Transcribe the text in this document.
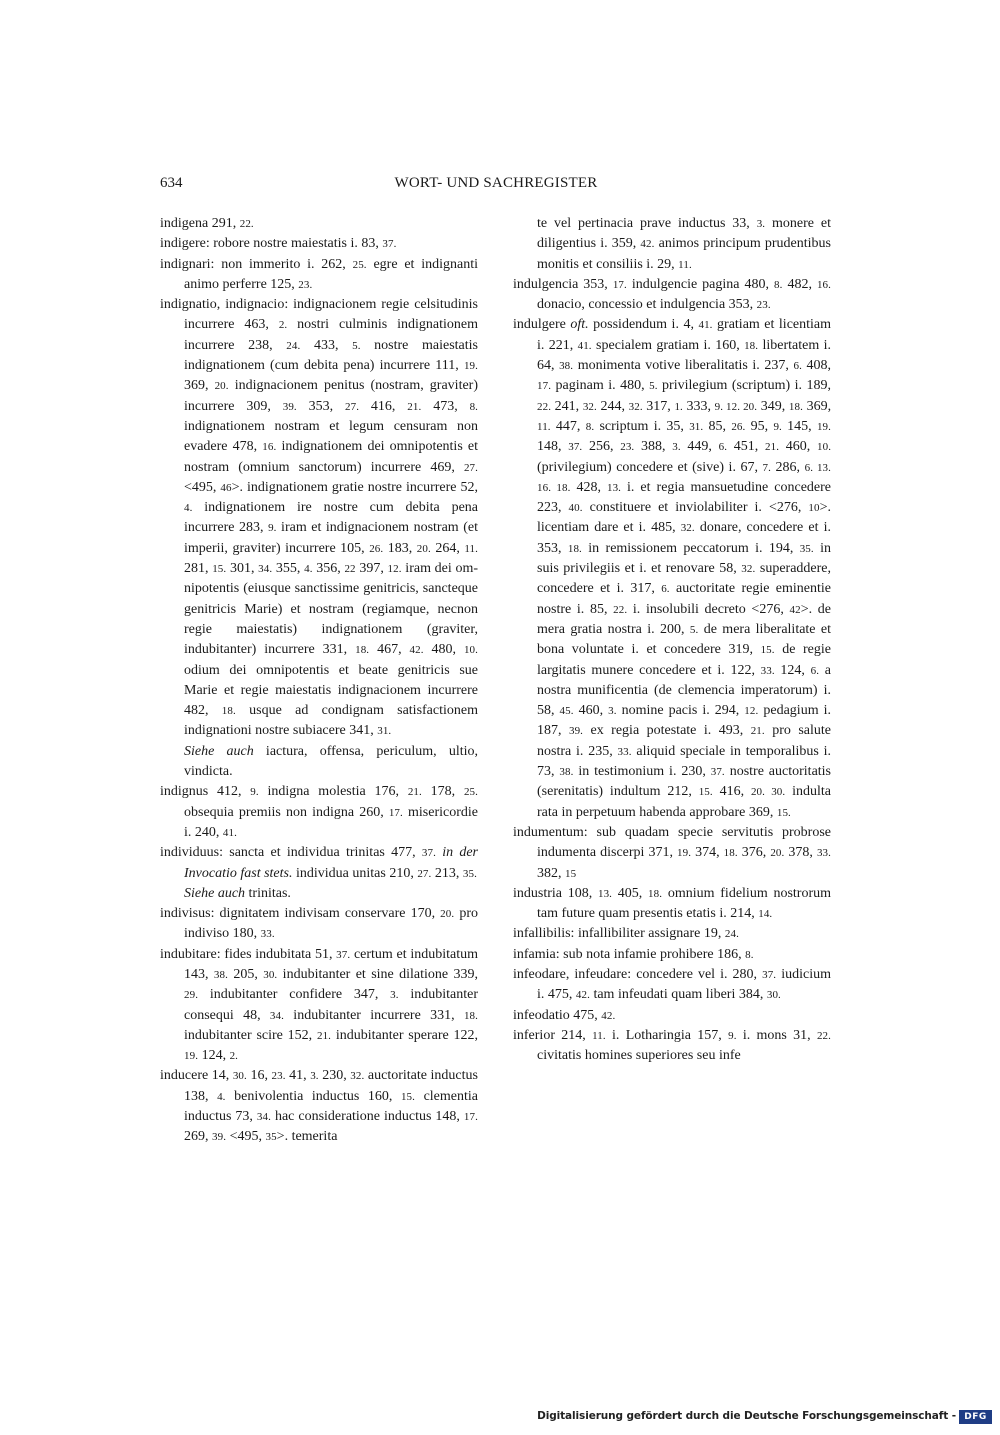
634	WORT- UND SACHREGISTER
indigena 291, 22.
indigere: robore nostre maiestatis i. 83, 37.
indignari: non immerito i. 262, 25. egre et indignanti animo perferre 125, 23.
indignatio, indignacio: indignacionem regie celsitudinis incurrere 463, 2. nostri culminis indignationem incurrere 238, 24. 433, 5. nostre maiestatis indignationem (cum debita pena) incurrere 111, 19. 369, 20. indignacionem penitus (nostram, graviter) incurrere 309, 39. 353, 27. 416, 21. 473, 8. indignationem nostram et legum censuram non evadere 478, 16. indignationem dei omnipotentis et nostram (omnium sanctorum) incurrere 469, 27. <495, 46>. indignationem gratie nostre incurrere 52, 4. indignationem ire nostre cum debita pena incurrere 283, 9. iram et indignacionem nostram (et imperii, graviter) incurrere 105, 26. 183, 20. 264, 11. 281, 15. 301, 34. 355, 4. 356, 22 397, 12. iram dei omnipotentis (eiusque sanctissime genitricis, sancteque genitricis Marie) et nostram (regiamque, necnon regie maiestatis) indignationem (graviter, indubitanter) incurrere 331, 18. 467, 42. 480, 10. odium dei omnipotentis et beate genitricis sue Marie et regie maiestatis indignacionem incurrere 482, 18. usque ad condignam satisfactionem indignationi nostre subiacere 341, 31.
Siehe auch iactura, offensa, periculum, ultio, vindicta.
indignus 412, 9. indigna molestia 176, 21. 178, 25. obsequia premiis non indigna 260, 17. misericordie i. 240, 41.
individuus: sancta et individua trinitas 477, 37. in der Invocatio fast stets. individua unitas 210, 27. 213, 35.
Siehe auch trinitas.
indivisus: dignitatem indivisam conservare 170, 20. pro indiviso 180, 33.
indubitare: fides indubitata 51, 37. certum et indubitatum 143, 38. 205, 30. indubitanter et sine dilatione 339, 29. indubitanter confidere 347, 3. indubitanter consequi 48, 34. indubitanter incurrere 331, 18. indubitanter scire 152, 21. indubitanter sperare 122, 19. 124, 2.
inducere 14, 30. 16, 23. 41, 3. 230, 32. auctoritate inductus 138, 4. benivolentia inductus 160, 15. clementia inductus 73, 34. hac consideratione inductus 148, 17. 269, 39. <495, 35>. temerita
te vel pertinacia prave inductus 33, 3. monere et diligentius i. 359, 42. animos principum prudentibus monitis et consiliis i. 29, 11.
indulgencia 353, 17. indulgencie pagina 480, 8. 482, 16. donacio, concessio et indulgencia 353, 23.
indulgere oft. possidendum i. 4, 41. gratiam et licentiam i. 221, 41. specialem gratiam i. 160, 18. libertatem i. 64, 38. monimenta votive liberalitatis i. 237, 6. 408, 17. paginam i. 480, 5. privilegium (scriptum) i. 189, 22. 241, 32. 244, 32. 317, 1. 333, 9. 12. 20. 349, 18. 369, 11. 447, 8. scriptum i. 35, 31. 85, 26. 95, 9. 145, 19. 148, 37. 256, 23. 388, 3. 449, 6. 451, 21. 460, 10. (privilegium) concedere et (sive) i. 67, 7. 286, 6. 13. 16. 18. 428, 13. i. et regia mansuetudine concedere 223, 40. constituere et inviolabiliter i. <276, 10>. licentiam dare et i. 485, 32. donare, concedere et i. 353, 18. in remissionem peccatorum i. 194, 35. in suis privilegiis et i. et renovare 58, 32. superaddere, concedere et i. 317, 6. auctoritate regie eminentie nostre i. 85, 22. i. insolubili decreto <276, 42>. de mera gratia nostra i. 200, 5. de mera liberalitate et bona voluntate i. et concedere 319, 15. de regie largitatis munere concedere et i. 122, 33. 124, 6. a nostra munificentia (de clemencia imperatorum) i. 58, 45. 460, 3. nomine pacis i. 294, 12. pedagium i. 187, 39. ex regia potestate i. 493, 21. pro salute nostra i. 235, 33. aliquid speciale in temporalibus i. 73, 38. in testimonium i. 230, 37. nostre auctoritatis (serenitatis) indultum 212, 15. 416, 20. 30. indulta rata in perpetuum habenda approbare 369, 15.
indumentum: sub quadam specie servitutis probrose indumenta discerpi 371, 19. 374, 18. 376, 20. 378, 33. 382, 15
industria 108, 13. 405, 18. omnium fidelium nostrorum tam future quam presentis etatis i. 214, 14.
infallibilis: infallibiliter assignare 19, 24.
infamia: sub nota infamie prohibere 186, 8.
infeodare, infeudare: concedere vel i. 280, 37. iudicium i. 475, 42. tam infeudati quam liberi 384, 30.
infeodatio 475, 42.
inferior 214, 11. i. Lotharingia 157, 9. i. mons 31, 22. civitatis homines superiores seu infe
Digitalisierung gefördert durch die Deutsche Forschungsgemeinschaft - DFG
